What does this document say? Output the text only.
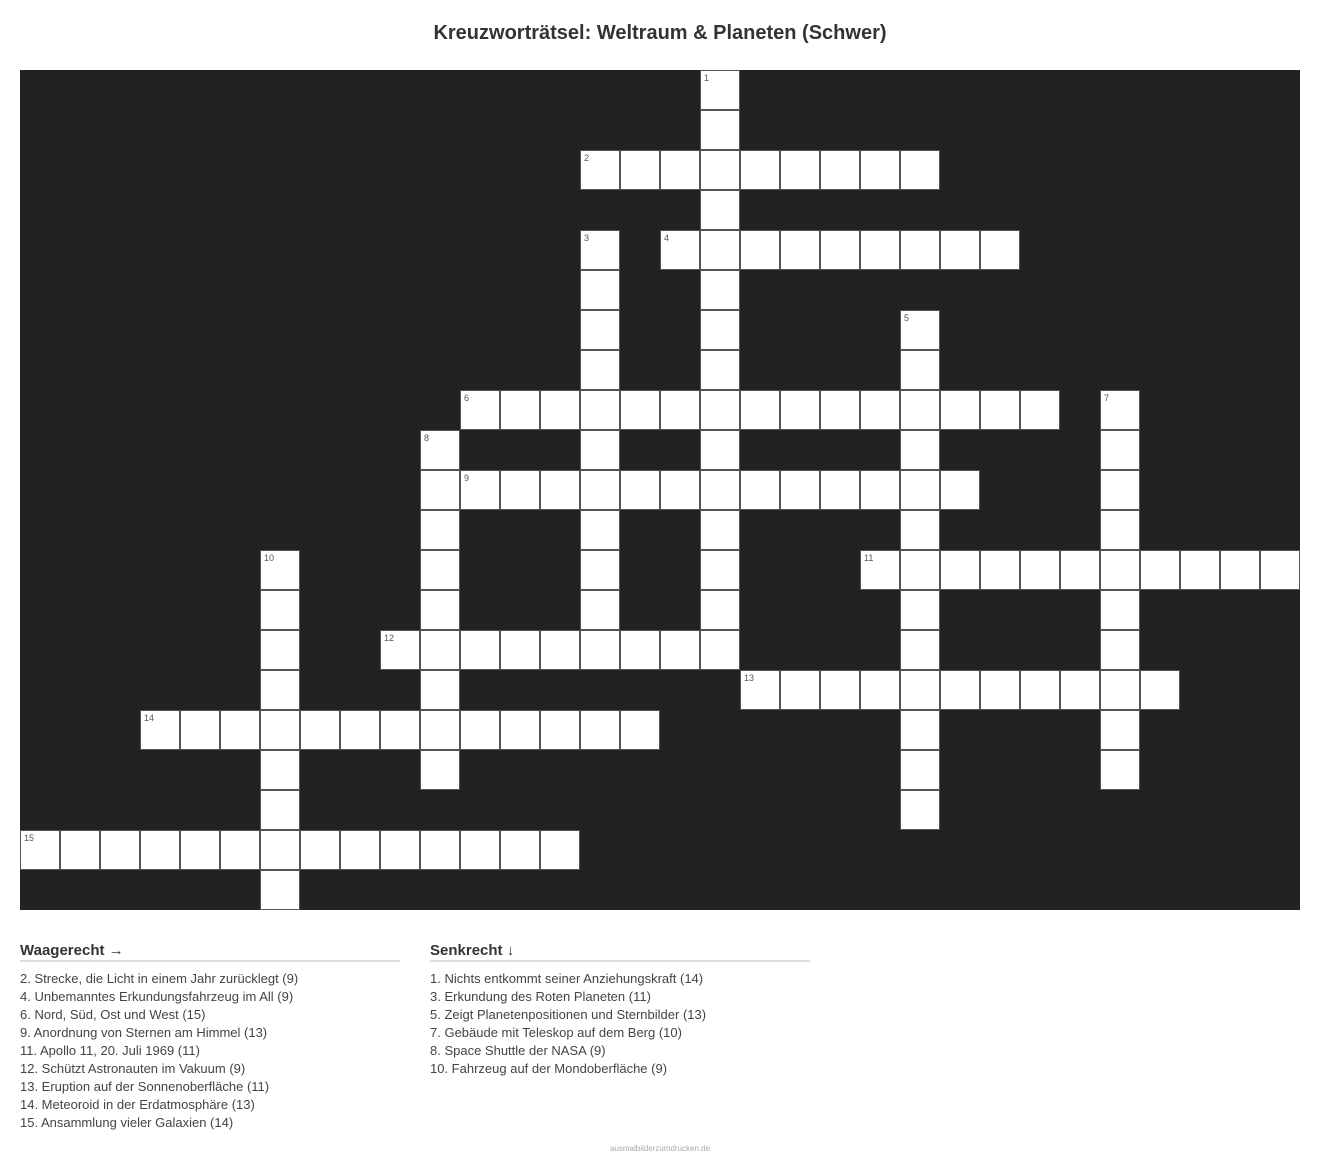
Kreuzworträtsel: Weltraum & Planeten (Schwer)
1
2
3	4
5
6	7
8
9
10	11
12
13
14
15
Waagerecht →
2. Strecke, die Licht in einem Jahr zurücklegt (9)
4. Unbemanntes Erkundungsfahrzeug im All (9)
6. Nord, Süd, Ost und West (15)
9. Anordnung von Sternen am Himmel (13)
11. Apollo 11, 20. Juli 1969 (11)
12. Schützt Astronauten im Vakuum (9)
13. Eruption auf der Sonnenoberfläche (11)
14. Meteoroid in der Erdatmosphäre (13)
15. Ansammlung vieler Galaxien (14)
Senkrecht ↓
1. Nichts entkommt seiner Anziehungskraft (14)
3. Erkundung des Roten Planeten (11)
5. Zeigt Planetenpositionen und Sternbilder (13)
7. Gebäude mit Teleskop auf dem Berg (10)
8. Space Shuttle der NASA (9)
10. Fahrzeug auf der Mondoberfläche (9)
ausmalbilderzumdrucken.de
